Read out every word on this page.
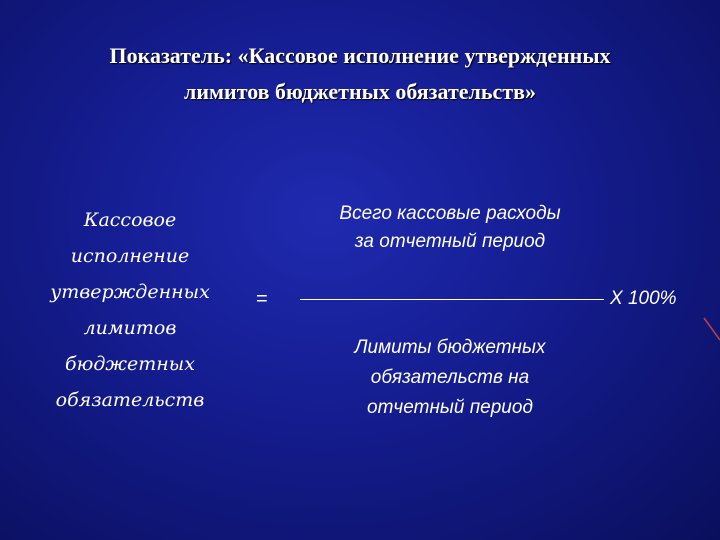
Показатель: «Кассовое исполнение утвержденных
лимитов бюджетных обязательств»
Кассовое
исполнение
утвержденных
лимитов
бюджетных
обязательств
=
Всего кассовые расходы
за отчетный период
Лимиты бюджетных
обязательств на
отчетный период
Х 100%
